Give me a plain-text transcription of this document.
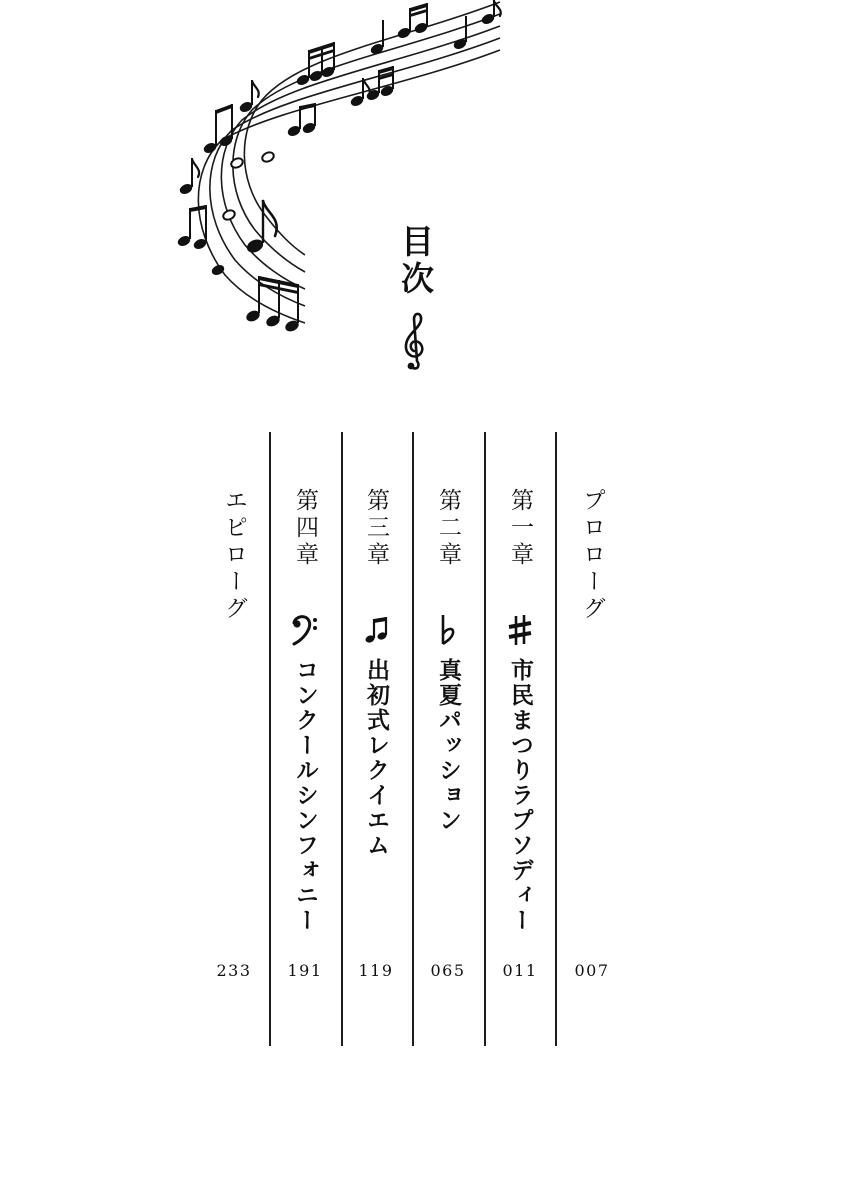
目次
プロローグ
007
第一章
市民まつりラプソディー
011
第二章
真夏パッション
065
第三章
出初式レクイエム
119
第四章
コンクールシンフォニー
191
エピローグ
233
